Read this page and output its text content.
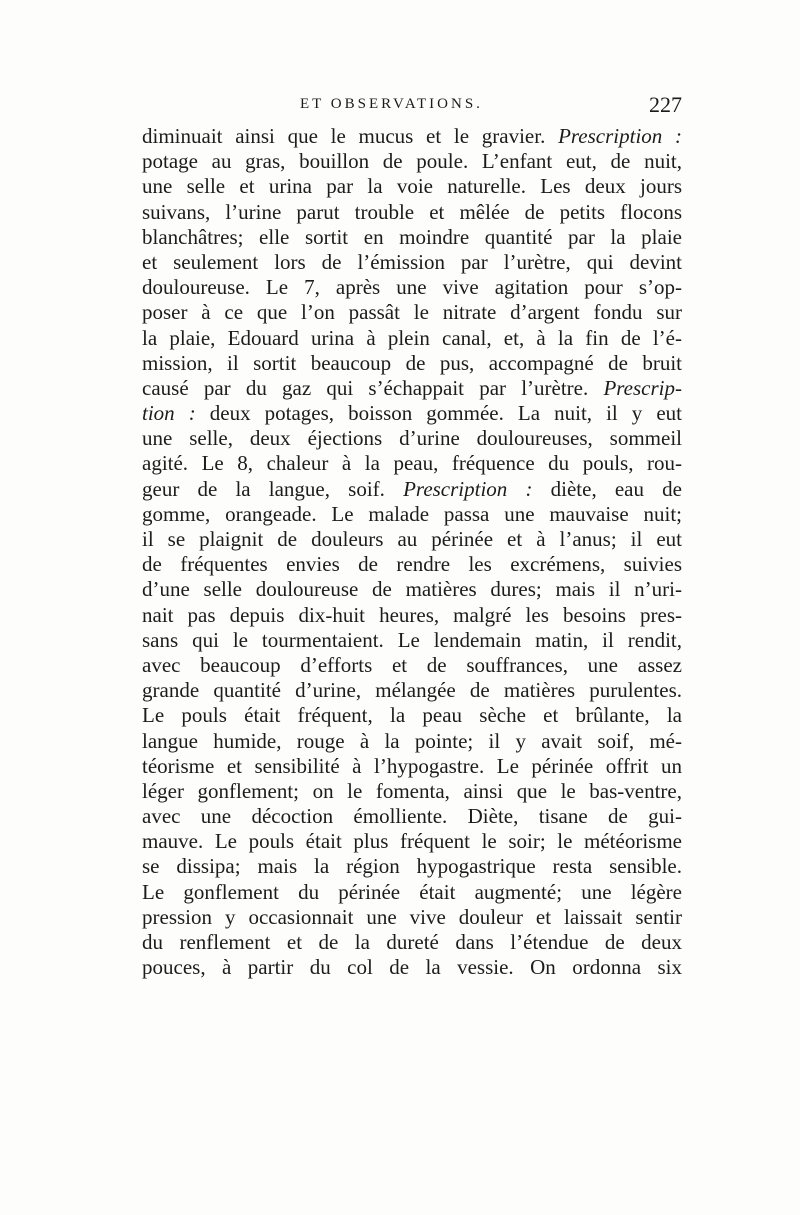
ET OBSERVATIONS.	227
diminuait ainsi que le mucus et le gravier. Prescription :
potage au gras, bouillon de poule. L’enfant eut, de nuit,
une selle et urina par la voie naturelle. Les deux jours
suivans, l’urine parut trouble et mêlée de petits flocons
blanchâtres; elle sortit en moindre quantité par la plaie
et seulement lors de l’émission par l’urètre, qui devint
douloureuse. Le 7, après une vive agitation pour s’op-
poser à ce que l’on passât le nitrate d’argent fondu sur
la plaie, Edouard urina à plein canal, et, à la fin de l’é-
mission, il sortit beaucoup de pus, accompagné de bruit
causé par du gaz qui s’échappait par l’urètre. Prescrip-
tion : deux potages, boisson gommée. La nuit, il y eut
une selle, deux éjections d’urine douloureuses, sommeil
agité. Le 8, chaleur à la peau, fréquence du pouls, rou-
geur de la langue, soif. Prescription : diète, eau de
gomme, orangeade. Le malade passa une mauvaise nuit;
il se plaignit de douleurs au périnée et à l’anus; il eut
de fréquentes envies de rendre les excrémens, suivies
d’une selle douloureuse de matières dures; mais il n’uri-
nait pas depuis dix-huit heures, malgré les besoins pres-
sans qui le tourmentaient. Le lendemain matin, il rendit,
avec beaucoup d’efforts et de souffrances, une assez
grande quantité d’urine, mélangée de matières purulentes.
Le pouls était fréquent, la peau sèche et brûlante, la
langue humide, rouge à la pointe; il y avait soif, mé-
téorisme et sensibilité à l’hypogastre. Le périnée offrit un
léger gonflement; on le fomenta, ainsi que le bas-ventre,
avec une décoction émolliente. Diète, tisane de gui-
mauve. Le pouls était plus fréquent le soir; le météorisme
se dissipa; mais la région hypogastrique resta sensible.
Le gonflement du périnée était augmenté; une légère
pression y occasionnait une vive douleur et laissait sentir
du renflement et de la dureté dans l’étendue de deux
pouces, à partir du col de la vessie. On ordonna six
